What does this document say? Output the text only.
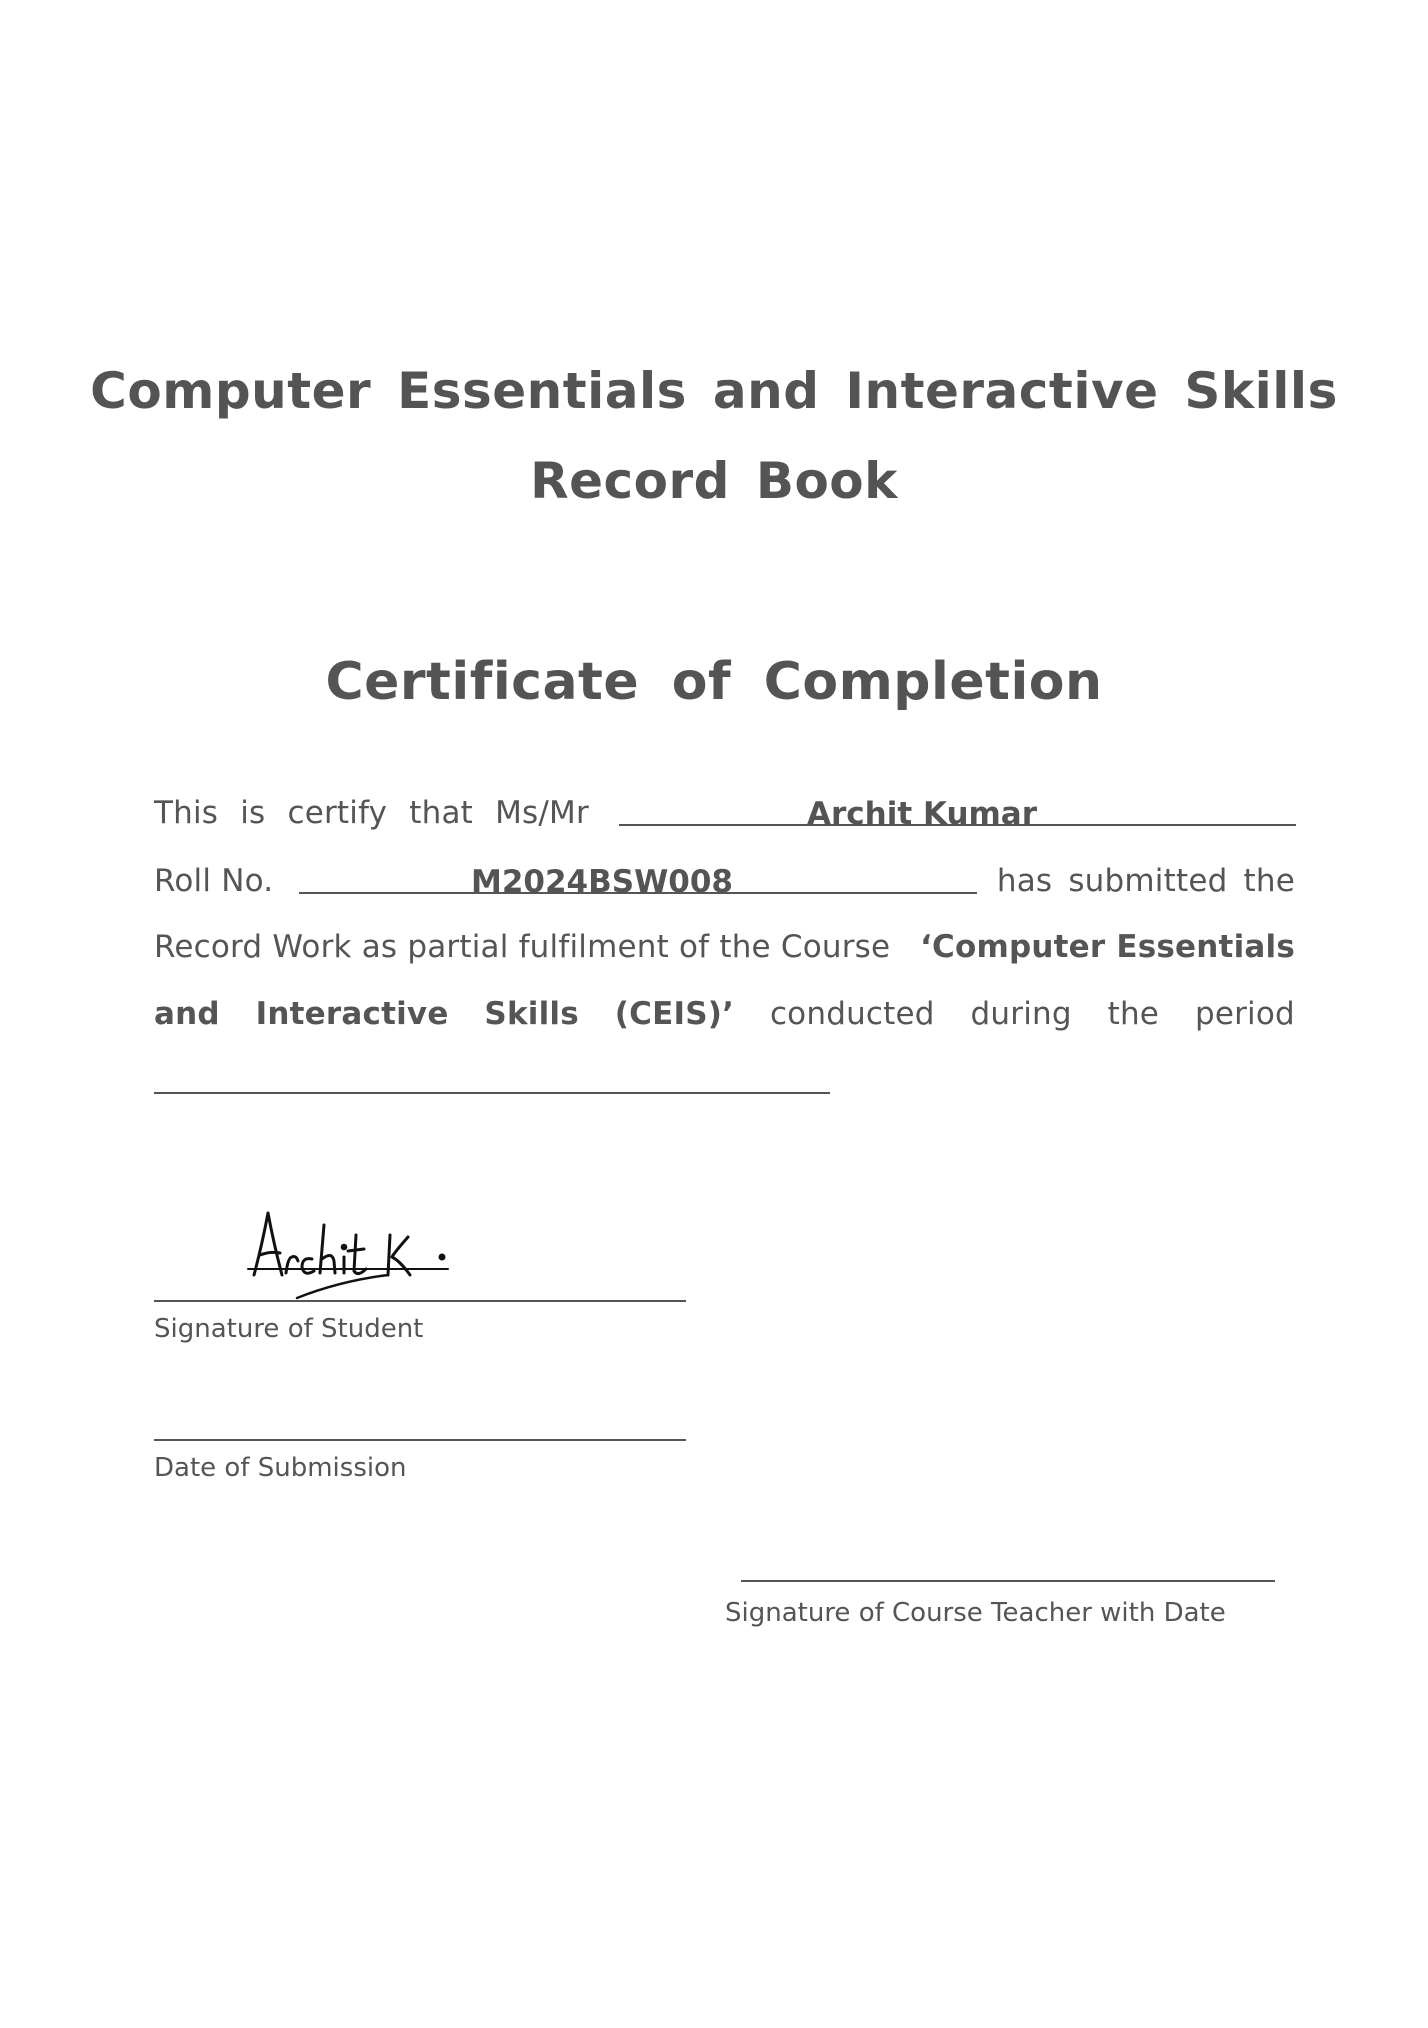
Computer Essentials and Interactive Skills
Record Book
Certificate of Completion
This is certify that Ms/Mr	Archit Kumar
Roll No.	M2024BSW008	has submitted the
Record Work as partial fulfilment of the Course ‘Computer Essentials
and Interactive Skills (CEIS)’ conducted during the period
Signature of Student
Date of Submission
Signature of Course Teacher with Date
